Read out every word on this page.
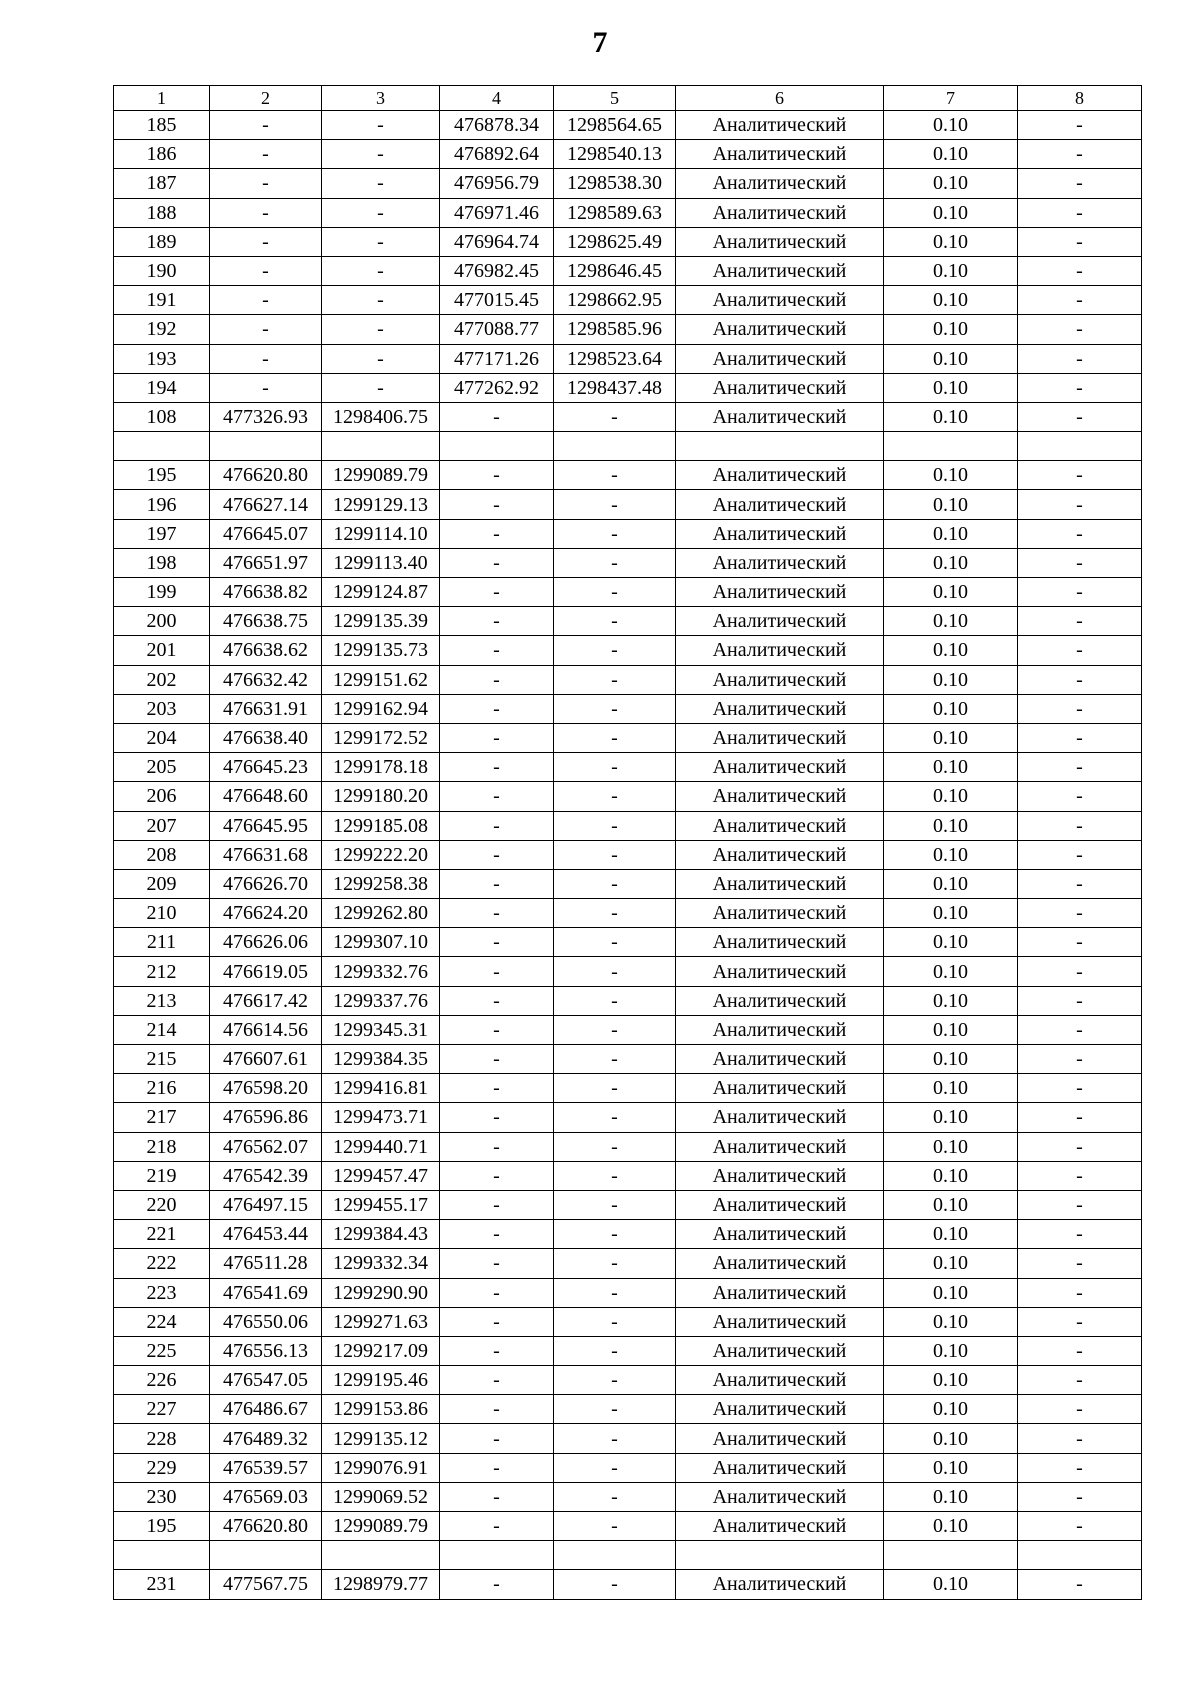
7
1	2	3	4	5	6	7	8
185	-	-	476878.34	1298564.65	Аналитический	0.10	-
186	-	-	476892.64	1298540.13	Аналитический	0.10	-
187	-	-	476956.79	1298538.30	Аналитический	0.10	-
188	-	-	476971.46	1298589.63	Аналитический	0.10	-
189	-	-	476964.74	1298625.49	Аналитический	0.10	-
190	-	-	476982.45	1298646.45	Аналитический	0.10	-
191	-	-	477015.45	1298662.95	Аналитический	0.10	-
192	-	-	477088.77	1298585.96	Аналитический	0.10	-
193	-	-	477171.26	1298523.64	Аналитический	0.10	-
194	-	-	477262.92	1298437.48	Аналитический	0.10	-
108	477326.93	1298406.75	-	-	Аналитический	0.10	-

195	476620.80	1299089.79	-	-	Аналитический	0.10	-
196	476627.14	1299129.13	-	-	Аналитический	0.10	-
197	476645.07	1299114.10	-	-	Аналитический	0.10	-
198	476651.97	1299113.40	-	-	Аналитический	0.10	-
199	476638.82	1299124.87	-	-	Аналитический	0.10	-
200	476638.75	1299135.39	-	-	Аналитический	0.10	-
201	476638.62	1299135.73	-	-	Аналитический	0.10	-
202	476632.42	1299151.62	-	-	Аналитический	0.10	-
203	476631.91	1299162.94	-	-	Аналитический	0.10	-
204	476638.40	1299172.52	-	-	Аналитический	0.10	-
205	476645.23	1299178.18	-	-	Аналитический	0.10	-
206	476648.60	1299180.20	-	-	Аналитический	0.10	-
207	476645.95	1299185.08	-	-	Аналитический	0.10	-
208	476631.68	1299222.20	-	-	Аналитический	0.10	-
209	476626.70	1299258.38	-	-	Аналитический	0.10	-
210	476624.20	1299262.80	-	-	Аналитический	0.10	-
211	476626.06	1299307.10	-	-	Аналитический	0.10	-
212	476619.05	1299332.76	-	-	Аналитический	0.10	-
213	476617.42	1299337.76	-	-	Аналитический	0.10	-
214	476614.56	1299345.31	-	-	Аналитический	0.10	-
215	476607.61	1299384.35	-	-	Аналитический	0.10	-
216	476598.20	1299416.81	-	-	Аналитический	0.10	-
217	476596.86	1299473.71	-	-	Аналитический	0.10	-
218	476562.07	1299440.71	-	-	Аналитический	0.10	-
219	476542.39	1299457.47	-	-	Аналитический	0.10	-
220	476497.15	1299455.17	-	-	Аналитический	0.10	-
221	476453.44	1299384.43	-	-	Аналитический	0.10	-
222	476511.28	1299332.34	-	-	Аналитический	0.10	-
223	476541.69	1299290.90	-	-	Аналитический	0.10	-
224	476550.06	1299271.63	-	-	Аналитический	0.10	-
225	476556.13	1299217.09	-	-	Аналитический	0.10	-
226	476547.05	1299195.46	-	-	Аналитический	0.10	-
227	476486.67	1299153.86	-	-	Аналитический	0.10	-
228	476489.32	1299135.12	-	-	Аналитический	0.10	-
229	476539.57	1299076.91	-	-	Аналитический	0.10	-
230	476569.03	1299069.52	-	-	Аналитический	0.10	-
195	476620.80	1299089.79	-	-	Аналитический	0.10	-

231	477567.75	1298979.77	-	-	Аналитический	0.10	-
